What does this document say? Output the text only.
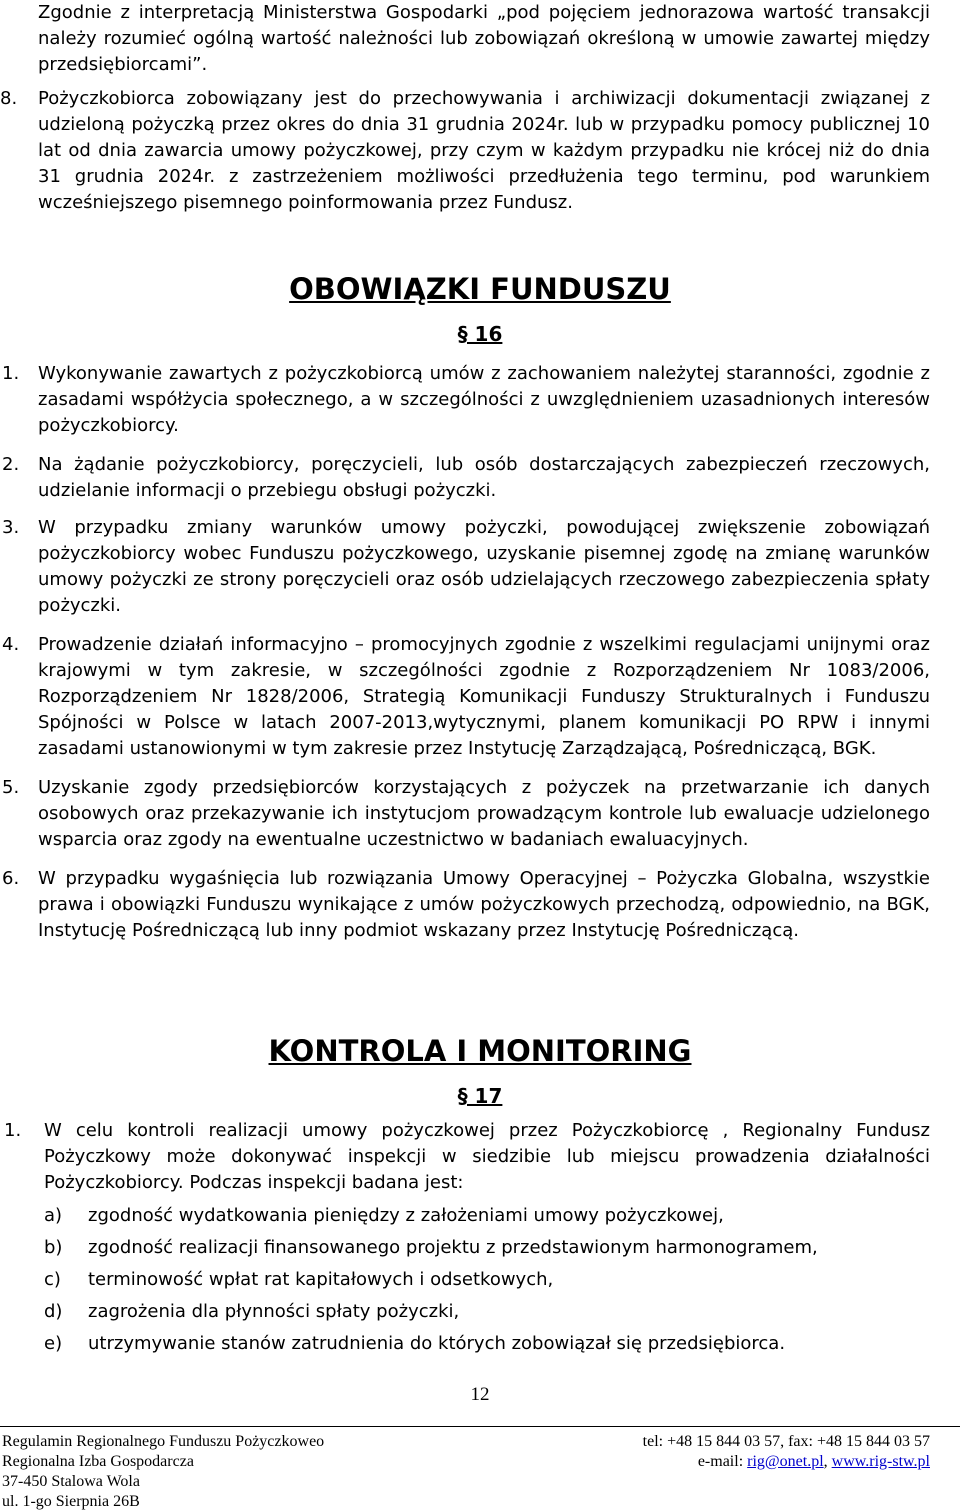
Zgodnie z interpretacją Ministerstwa Gospodarki „pod pojęciem jednorazowa wartość transakcji należy rozumieć ogólną wartość należności lub zobowiązań określoną w umowie zawartej między przedsiębiorcami”.

8. Pożyczkobiorca zobowiązany jest do przechowywania i archiwizacji dokumentacji związanej z udzieloną pożyczką przez okres do dnia 31 grudnia 2024r. lub w przypadku pomocy publicznej 10 lat od dnia zawarcia umowy pożyczkowej, przy czym w każdym przypadku nie krócej niż do dnia 31 grudnia 2024r. z zastrzeżeniem możliwości przedłużenia tego terminu, pod warunkiem wcześniejszego pisemnego poinformowania przez Fundusz.
OBOWIĄZKI FUNDUSZU
§ 16
1. Wykonywanie zawartych z pożyczkobiorcą umów z zachowaniem należytej staranności, zgodnie z zasadami współżycia społecznego, a w szczególności z uwzględnieniem uzasadnionych interesów pożyczkobiorcy.
2. Na żądanie pożyczkobiorcy, poręczycieli, lub osób dostarczających zabezpieczeń rzeczowych, udzielanie informacji o przebiegu obsługi pożyczki.
3. W przypadku zmiany warunków umowy pożyczki, powodującej zwiększenie zobowiązań pożyczkobiorcy wobec Funduszu pożyczkowego, uzyskanie pisemnej zgodę na zmianę warunków umowy pożyczki ze strony poręczycieli oraz osób udzielających rzeczowego zabezpieczenia spłaty pożyczki.
4. Prowadzenie działań informacyjno – promocyjnych zgodnie z wszelkimi regulacjami unijnymi oraz krajowymi w tym zakresie, w szczególności zgodnie z Rozporządzeniem Nr 1083/2006, Rozporządzeniem Nr 1828/2006, Strategią Komunikacji Funduszy Strukturalnych i Funduszu Spójności w Polsce w latach 2007-2013,wytycznymi, planem komunikacji PO RPW i innymi zasadami ustanowionymi w tym zakresie przez Instytucję Zarządzającą, Pośredniczącą, BGK.
5. Uzyskanie zgody przedsiębiorców korzystających z pożyczek na przetwarzanie ich danych osobowych oraz przekazywanie ich instytucjom prowadzącym kontrole lub ewaluacje udzielonego wsparcia oraz zgody na ewentualne uczestnictwo w badaniach ewaluacyjnych.
6. W przypadku wygaśnięcia lub rozwiązania Umowy Operacyjnej – Pożyczka Globalna, wszystkie prawa i obowiązki Funduszu wynikające z umów pożyczkowych przechodzą, odpowiednio, na BGK, Instytucję Pośredniczącą lub inny podmiot wskazany przez Instytucję Pośredniczącą.
KONTROLA I MONITORING
§ 17
1. W celu kontroli realizacji umowy pożyczkowej przez Pożyczkobiorcę , Regionalny Fundusz Pożyczkowy może dokonywać inspekcji w siedzibie lub miejscu prowadzenia działalności Pożyczkobiorcy. Podczas inspekcji badana jest:
a) zgodność wydatkowania pieniędzy z założeniami umowy pożyczkowej,
b) zgodność realizacji finansowanego projektu z przedstawionym harmonogramem,
c) terminowość wpłat rat kapitałowych i odsetkowych,
d) zagrożenia dla płynności spłaty pożyczki,
e) utrzymywanie stanów zatrudnienia do których zobowiązał się przedsiębiorca.
12
Regulamin Regionalnego Funduszu Pożyczkoweo
Regionalna Izba Gospodarcza
37-450 Stalowa Wola
ul. 1-go Sierpnia 26B
tel: +48 15 844 03 57, fax: +48 15 844 03 57
e-mail: rig@onet.pl, www.rig-stw.pl
